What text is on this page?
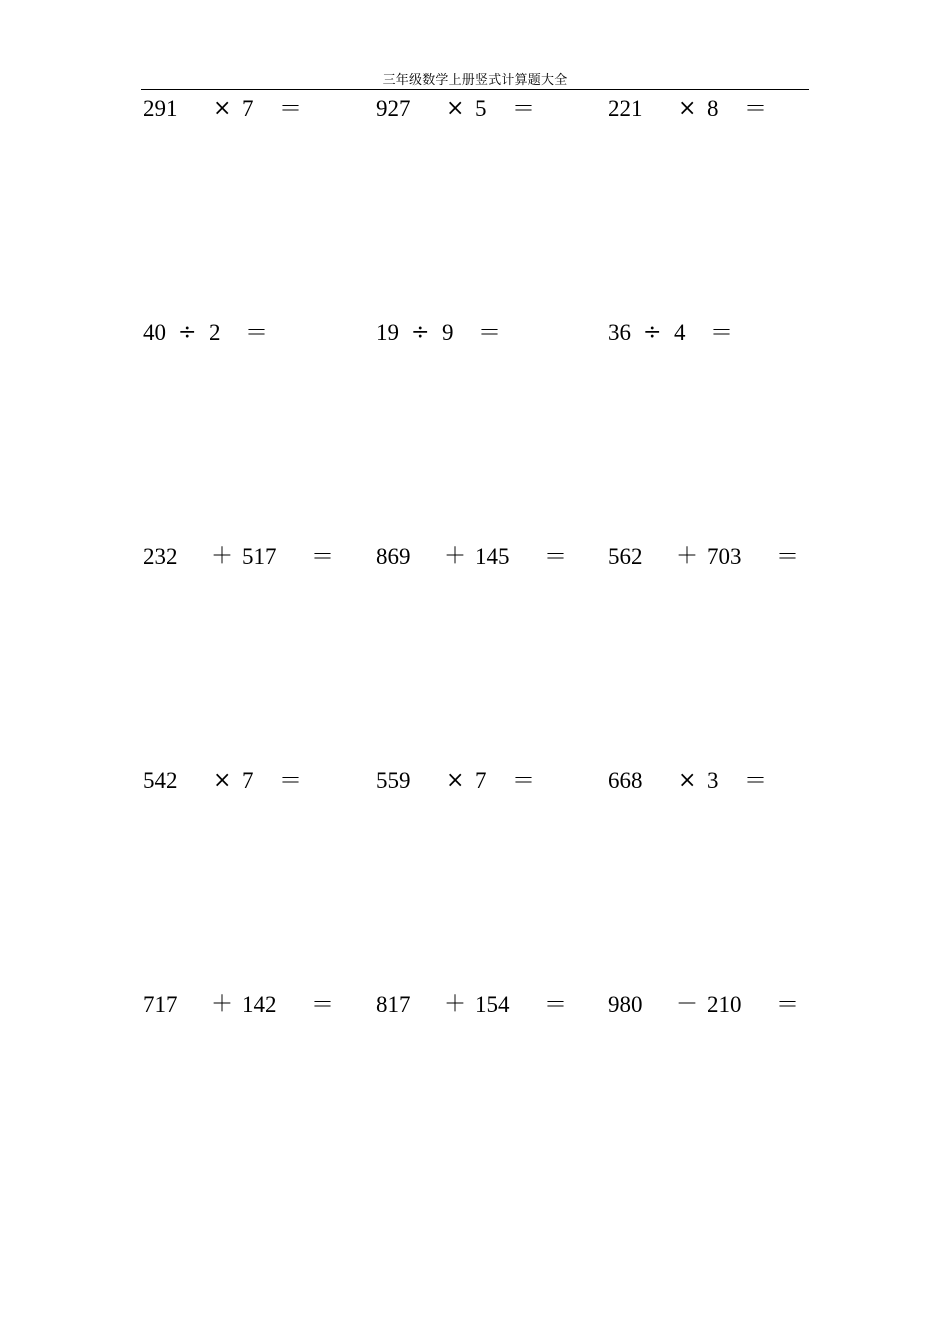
三年级数学上册竖式计算题大全
291 × 7 ＝	927 × 5 ＝	221 × 8 ＝
40 ÷ 2 ＝	19 ÷ 9 ＝	36 ÷ 4 ＝
232 ＋ 517 ＝ 869 ＋ 145 ＝ 562 ＋ 703 ＝
542 × 7 ＝	559 × 7 ＝	668 × 3 ＝
717 ＋ 142 ＝ 817 ＋ 154 ＝ 980 － 210 ＝
